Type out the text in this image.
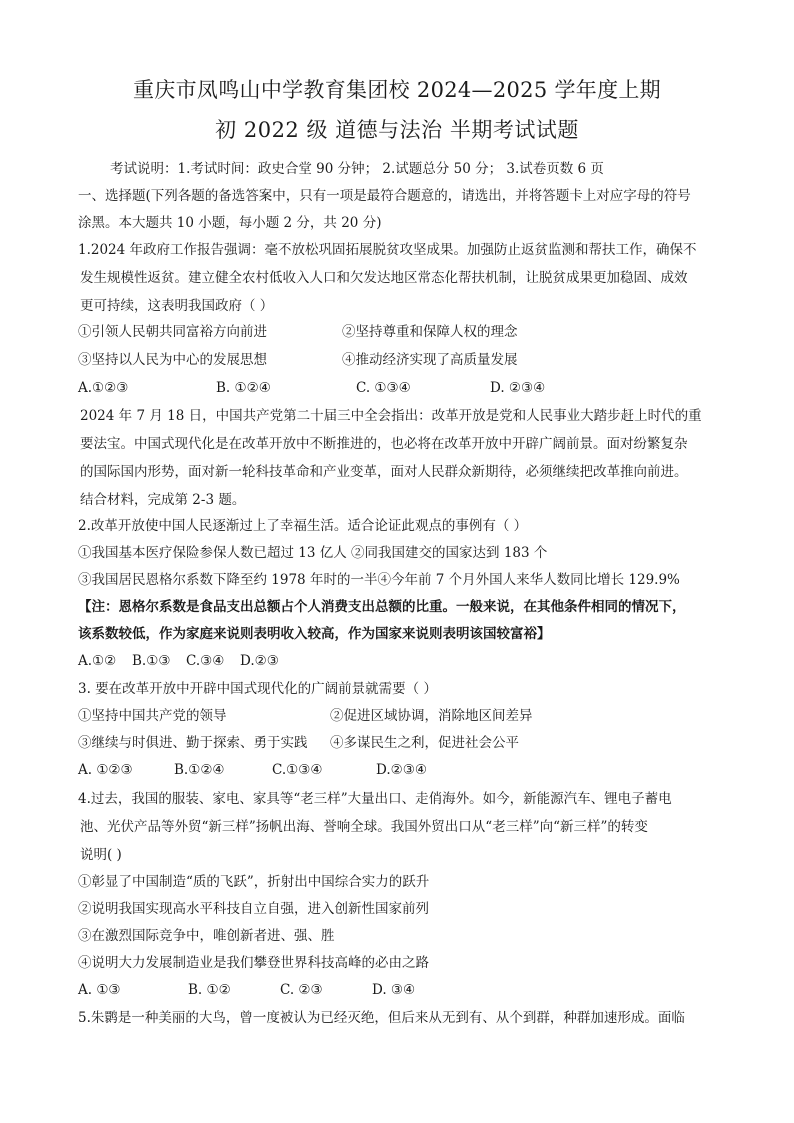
重庆市凤鸣山中学教育集团校 2024—2025 学年度上期
初 2022 级 道德与法治 半期考试试题
考试说明：1.考试时间：政史合堂 90 分钟； 2.试题总分 50 分； 3.试卷页数 6 页
一、选择题(下列各题的备选答案中，只有一项是最符合题意的，请选出，并将答题卡上对应字母的符号
涂黑。本大题共 10 小题，每小题 2 分，共 20 分)
1.2024 年政府工作报告强调：毫不放松巩固拓展脱贫攻坚成果。加强防止返贫监测和帮扶工作，确保不
发生规模性返贫。建立健全农村低收入人口和欠发达地区常态化帮扶机制，让脱贫成果更加稳固、成效
更可持续，这表明我国政府（ ）
①引领人民朝共同富裕方向前进	②坚持尊重和保障人权的理念
③坚持以人民为中心的发展思想	④推动经济实现了高质量发展
A.①②③	B. ①②④	C. ①③④	D. ②③④
2024 年 7 月 18 日，中国共产党第二十届三中全会指出：改革开放是党和人民事业大踏步赶上时代的重
要法宝。中国式现代化是在改革开放中不断推进的，也必将在改革开放中开辟广阔前景。面对纷繁复杂
的国际国内形势，面对新一轮科技革命和产业变革，面对人民群众新期待，必须继续把改革推向前进。
结合材料，完成第 2-3 题。
2.改革开放使中国人民逐渐过上了幸福生活。适合论证此观点的事例有（ ）
①我国基本医疗保险参保人数已超过 13 亿人 ②同我国建交的国家达到 183 个
③我国居民恩格尔系数下降至约 1978 年时的一半④今年前 7 个月外国人来华人数同比增长 129.9%
【注：恩格尔系数是食品支出总额占个人消费支出总额的比重。一般来说，在其他条件相同的情况下，
该系数较低，作为家庭来说则表明收入较高，作为国家来说则表明该国较富裕】
A.①② B.①③ C.③④ D.②③
3. 要在改革开放中开辟中国式现代化的广阔前景就需要（ ）
①坚持中国共产党的领导	②促进区域协调，消除地区间差异
③继续与时俱进、勤于探索、勇于实践 ④多谋民生之利，促进社会公平
A. ①②③	B.①②④	C.①③④	D.②③④
4.过去，我国的服装、家电、家具等“老三样”大量出口、走俏海外。如今，新能源汽车、锂电子蓄电
池、光伏产品等外贸“新三样”扬帆出海、誉响全球。我国外贸出口从“老三样”向“新三样”的转变
说明( )
①彰显了中国制造“质的飞跃”，折射出中国综合实力的跃升
②说明我国实现高水平科技自立自强，进入创新性国家前列
③在激烈国际竞争中，唯创新者进、强、胜
④说明大力发展制造业是我们攀登世界科技高峰的必由之路
A. ①③	B. ①②	C. ②③	D. ③④
5.朱鹮是一种美丽的大鸟，曾一度被认为已经灭绝，但后来从无到有、从个到群，种群加速形成。面临
